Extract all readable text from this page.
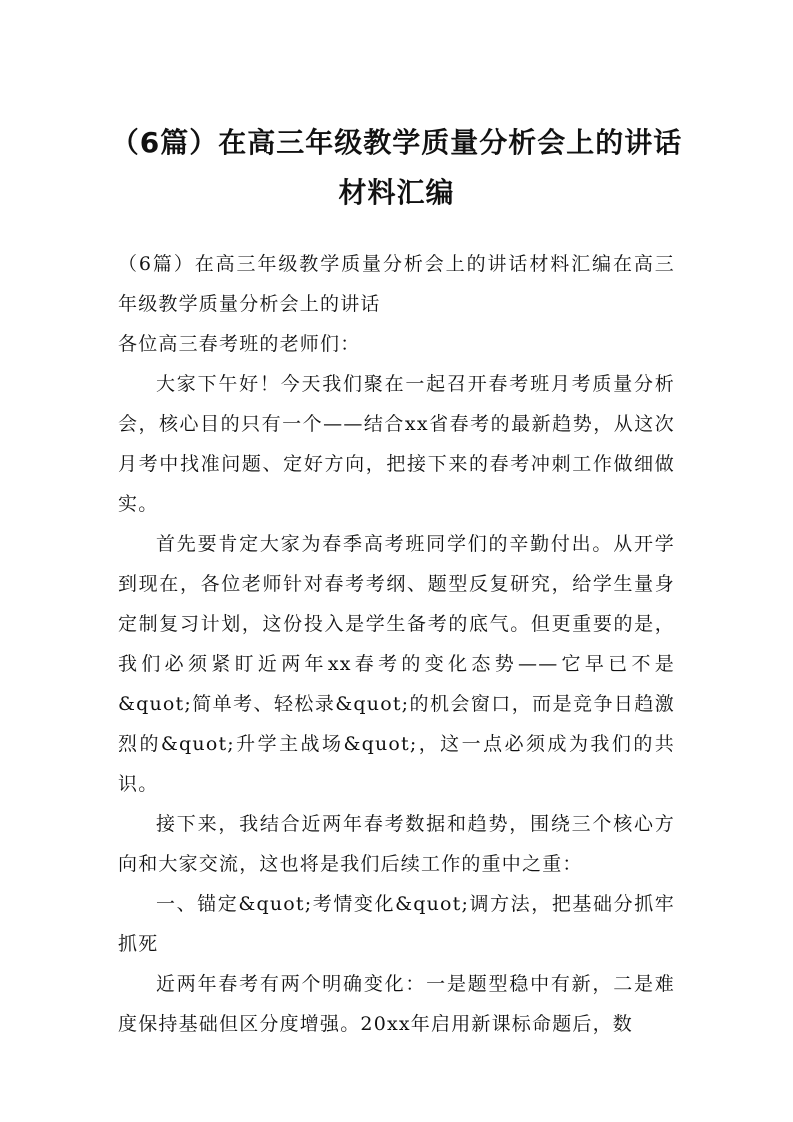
（6篇）在高三年级教学质量分析会上的讲话材料汇编

（6篇）在高三年级教学质量分析会上的讲话材料汇编在高三年级教学质量分析会上的讲话

各位高三春考班的老师们：

大家下午好！今天我们聚在一起召开春考班月考质量分析会，核心目的只有一个——结合xx省春考的最新趋势，从这次月考中找准问题、定好方向，把接下来的春考冲刺工作做细做实。

首先要肯定大家为春季高考班同学们的辛勤付出。从开学到现在，各位老师针对春考考纲、题型反复研究，给学生量身定制复习计划，这份投入是学生备考的底气。但更重要的是，我们必须紧盯近两年xx春考的变化态势——它早已不是&quot;简单考、轻松录&quot;的机会窗口，而是竞争日趋激烈的&quot;升学主战场&quot;，这一点必须成为我们的共识。

接下来，我结合近两年春考数据和趋势，围绕三个核心方向和大家交流，这也将是我们后续工作的重中之重：

一、锚定&quot;考情变化&quot;调方法，把基础分抓牢抓死

近两年春考有两个明确变化：一是题型稳中有新，二是难度保持基础但区分度增强。20xx年启用新课标命题后，数
